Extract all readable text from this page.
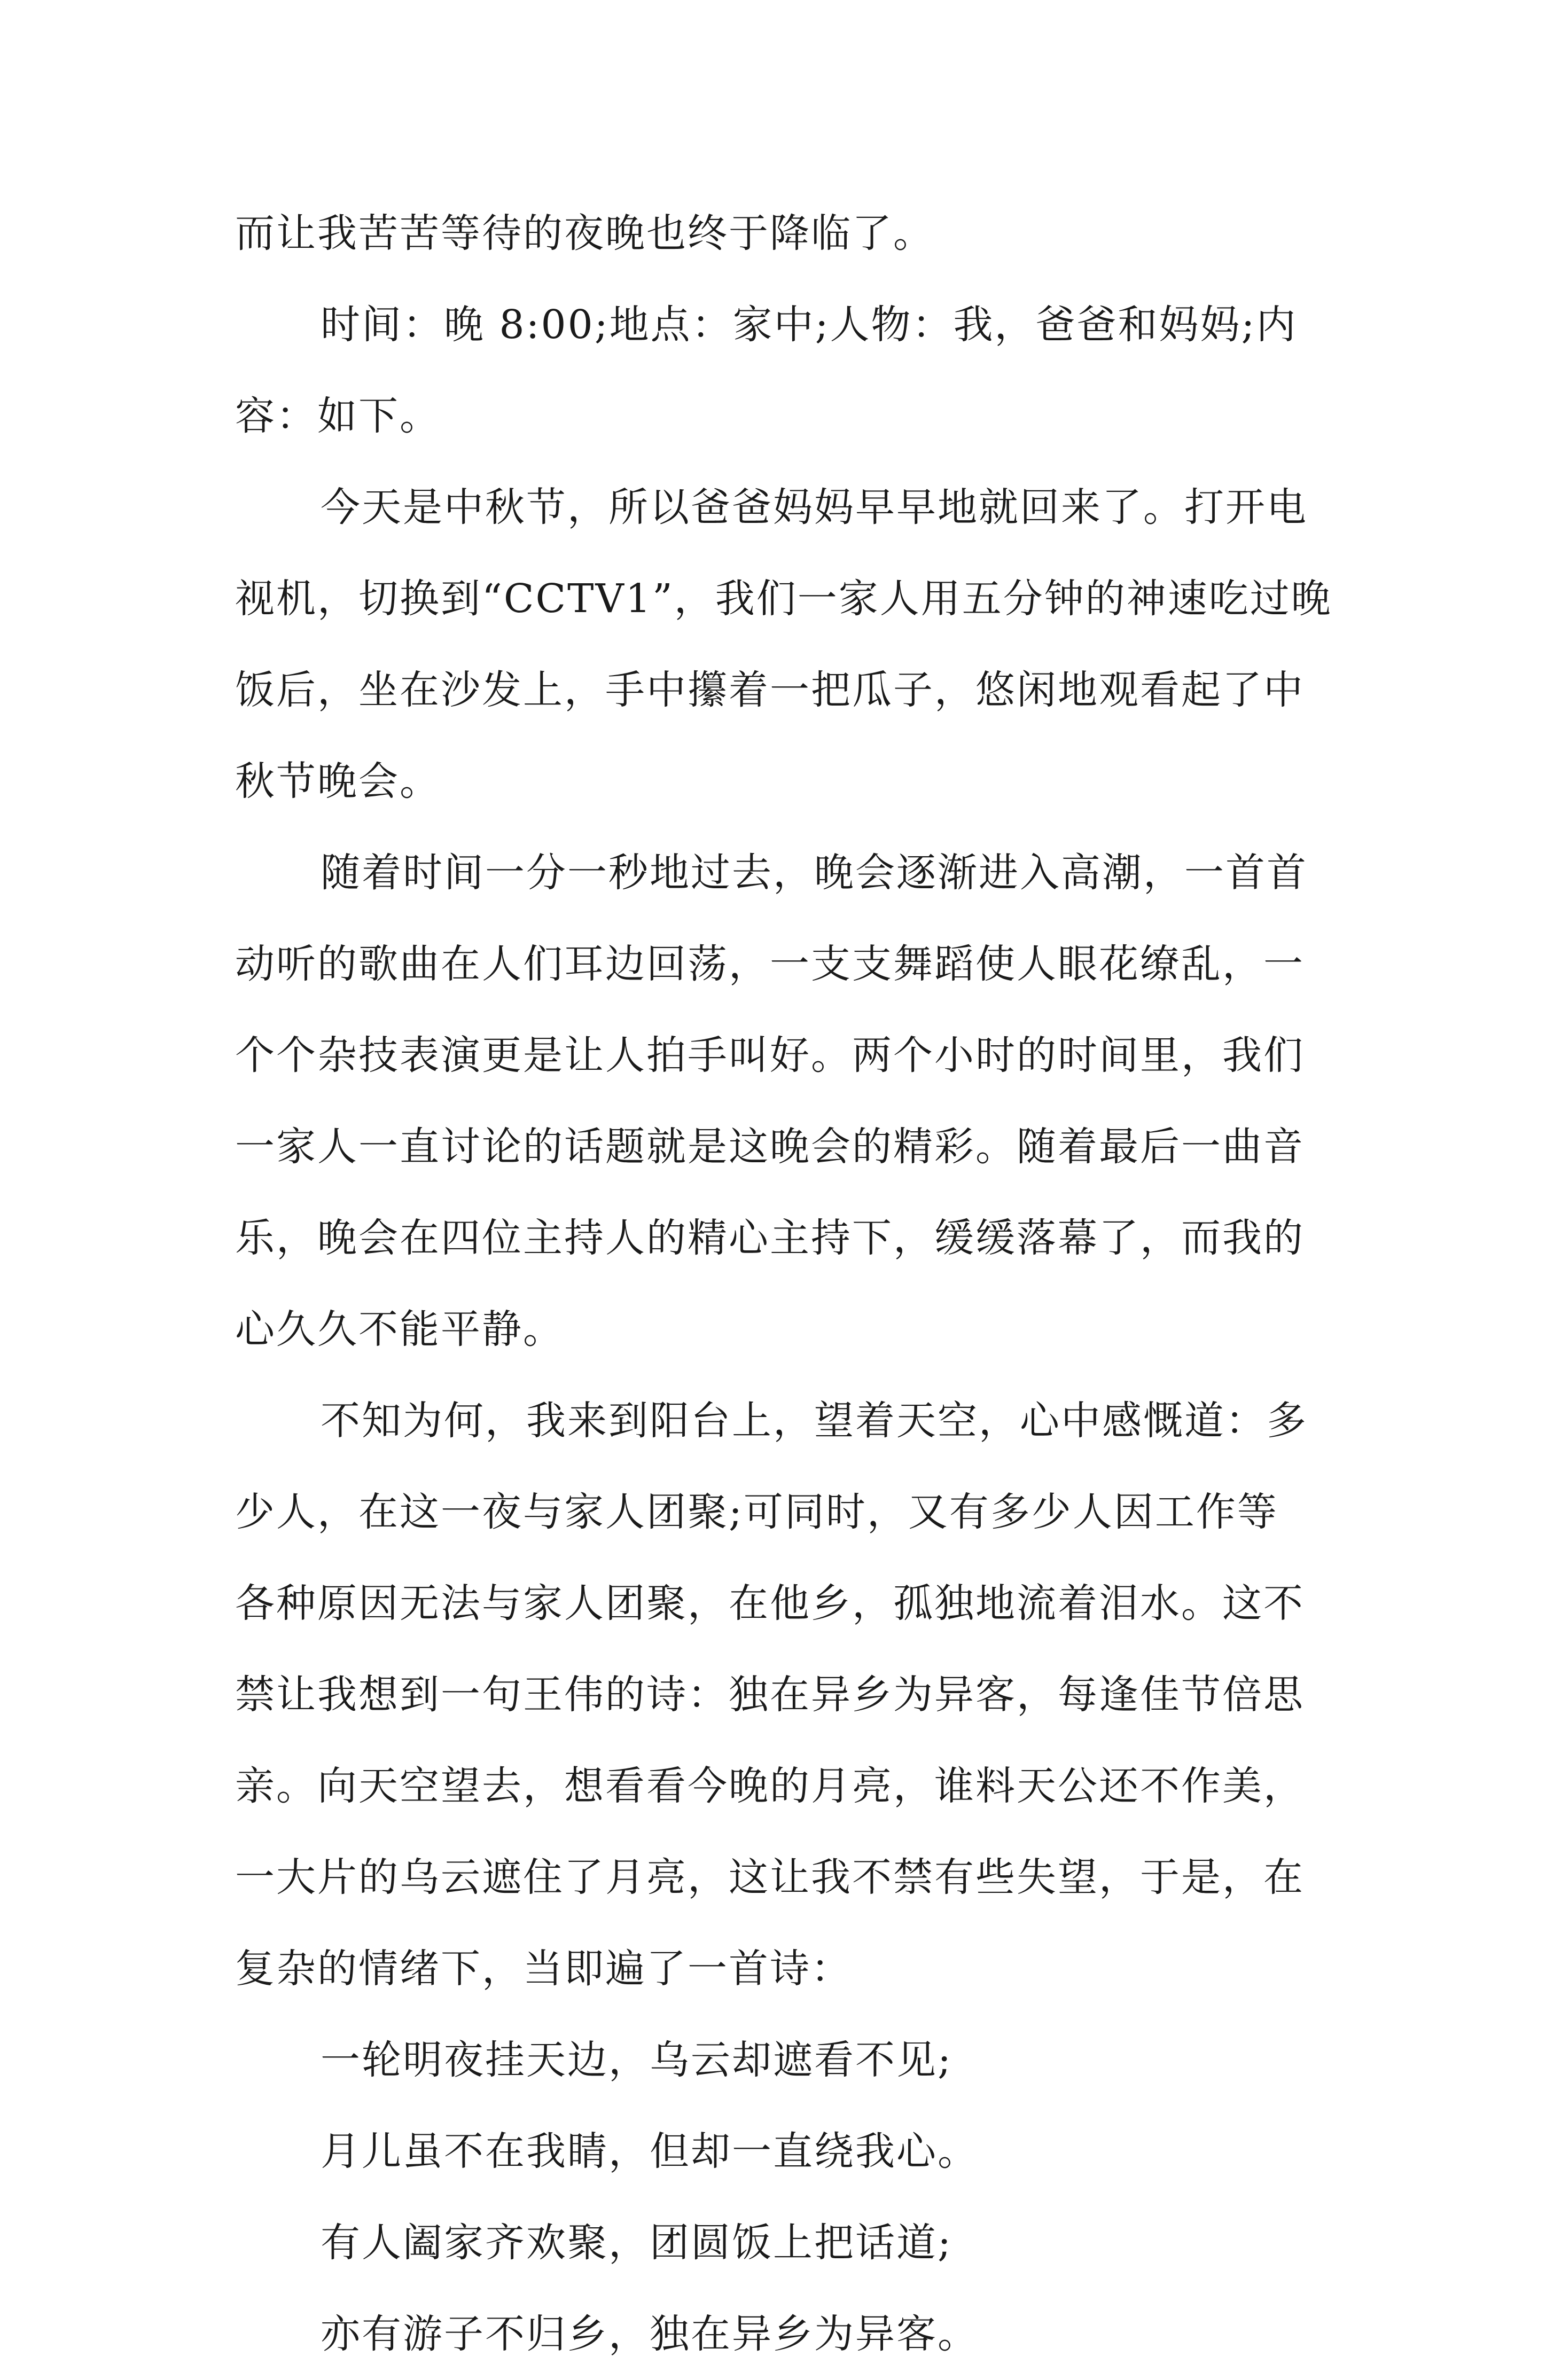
而让我苦苦等待的夜晚也终于降临了。
时间：晚 8:00;地点：家中;人物：我，爸爸和妈妈;内
容：如下。
今天是中秋节，所以爸爸妈妈早早地就回来了。打开电
视机，切换到“CCTV1”，我们一家人用五分钟的神速吃过晚
饭后，坐在沙发上，手中攥着一把瓜子，悠闲地观看起了中
秋节晚会。
随着时间一分一秒地过去，晚会逐渐进入高潮，一首首
动听的歌曲在人们耳边回荡，一支支舞蹈使人眼花缭乱，一
个个杂技表演更是让人拍手叫好。两个小时的时间里，我们
一家人一直讨论的话题就是这晚会的精彩。随着最后一曲音
乐，晚会在四位主持人的精心主持下，缓缓落幕了，而我的
心久久不能平静。
不知为何，我来到阳台上，望着天空，心中感慨道：多
少人，在这一夜与家人团聚;可同时，又有多少人因工作等
各种原因无法与家人团聚，在他乡，孤独地流着泪水。这不
禁让我想到一句王伟的诗：独在异乡为异客，每逢佳节倍思
亲。向天空望去，想看看今晚的月亮，谁料天公还不作美，
一大片的乌云遮住了月亮，这让我不禁有些失望，于是，在
复杂的情绪下，当即遍了一首诗：
一轮明夜挂天边，乌云却遮看不见;
月儿虽不在我睛，但却一直绕我心。
有人阖家齐欢聚，团圆饭上把话道;
亦有游子不归乡，独在异乡为异客。
